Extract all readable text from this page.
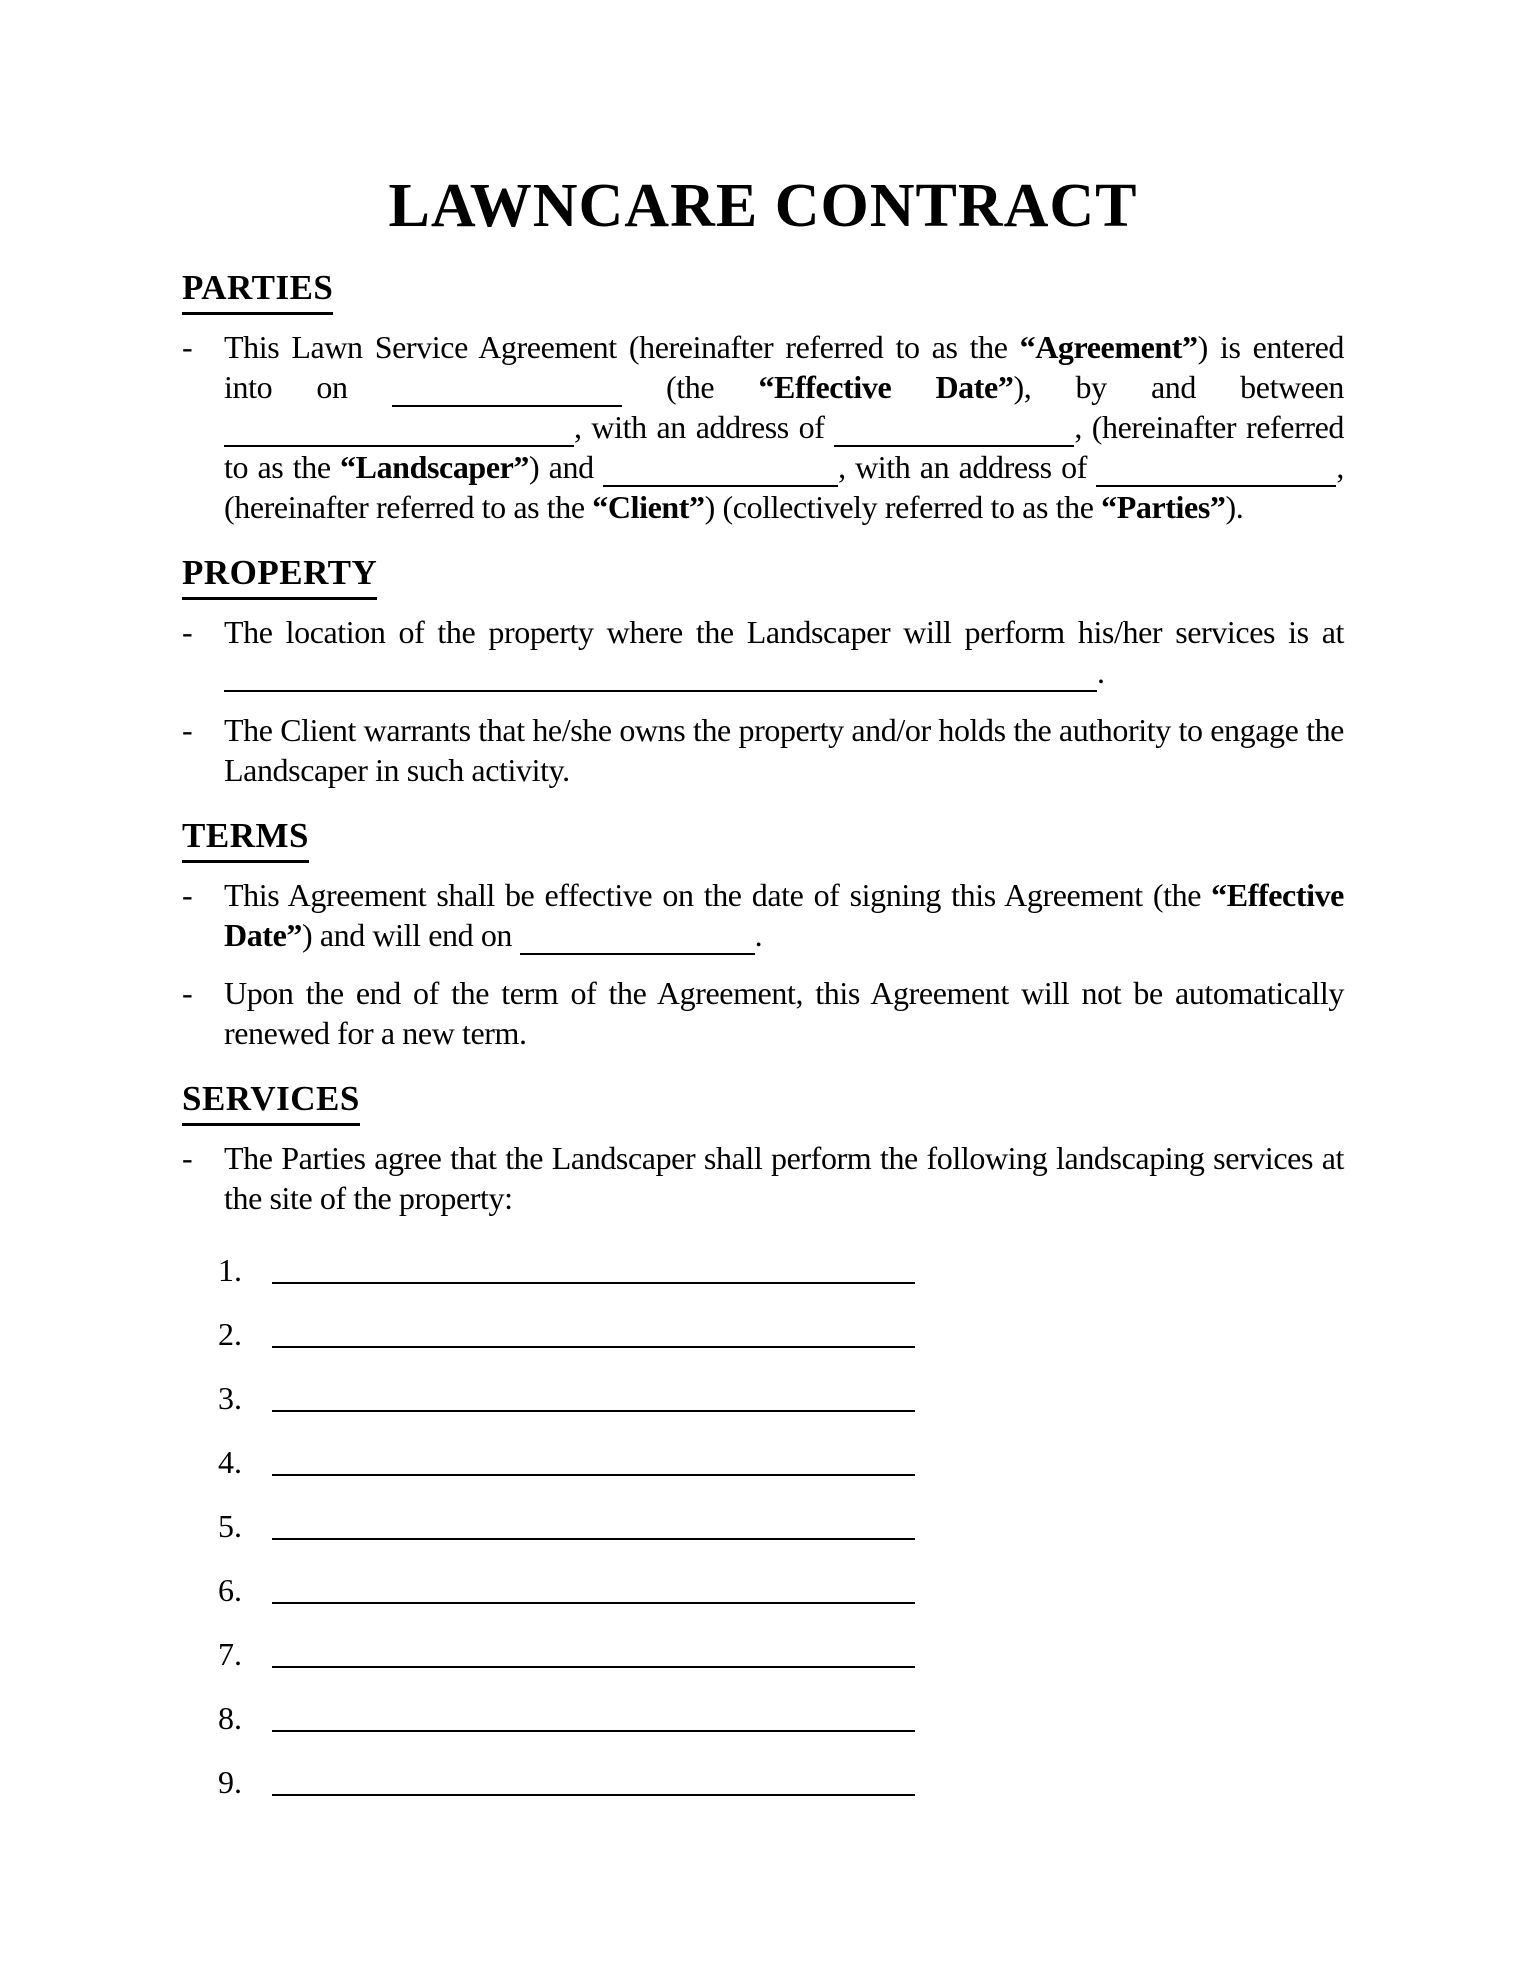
LAWNCARE CONTRACT
PARTIES
- This Lawn Service Agreement (hereinafter referred to as the “Agreement”) is entered into on	(the “Effective Date”), by and between , with an address of	, (hereinafter referred to as the “Landscaper”) and	, with an address of	, (hereinafter referred to as the “Client”) (collectively referred to as the “Parties”).
PROPERTY
- The location of the property where the Landscaper will perform his/her services is at .
- The Client warrants that he/she owns the property and/or holds the authority to engage the Landscaper in such activity.
TERMS
- This Agreement shall be effective on the date of signing this Agreement (the “Effective Date”) and will end on	.
- Upon the end of the term of the Agreement, this Agreement will not be automatically renewed for a new term.
SERVICES
- The Parties agree that the Landscaper shall perform the following landscaping services at the site of the property:
1.
2.
3.
4.
5.
6.
7.
8.
9.
